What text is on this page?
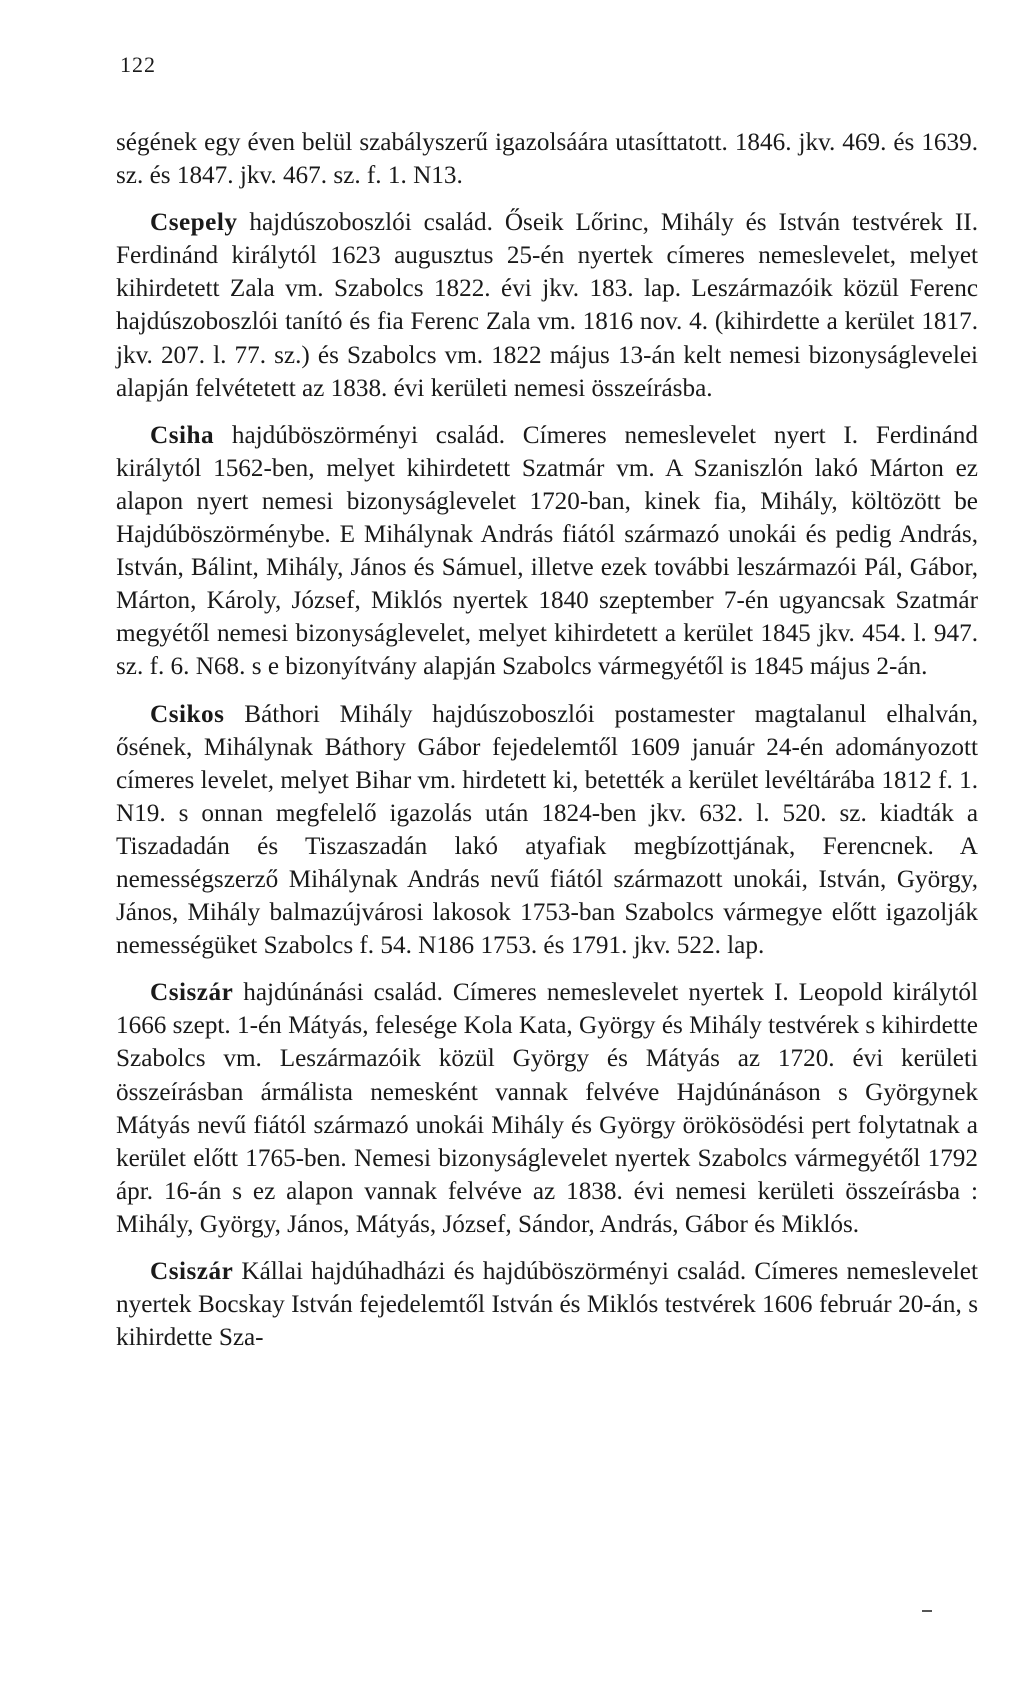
122

ségének egy éven belül szabályszerű igazolsáára utasíttatott. 1846. jkv. 469. és 1639. sz. és 1847. jkv. 467. sz. f. 1. N13.

Csepely hajdúszoboszlói család. Őseik Lőrinc, Mihály és István testvérek II. Ferdinánd királytól 1623 augusztus 25-én nyertek címeres nemeslevelet, melyet kihirdetett Zala vm. Szabolcs 1822. évi jkv. 183. lap. Leszármazóik közül Ferenc hajdúszoboszlói tanító és fia Ferenc Zala vm. 1816 nov. 4. (kihirdette a kerület 1817. jkv. 207. l. 77. sz.) és Szabolcs vm. 1822 május 13-án kelt nemesi bizonyságlevelei alapján felvétetett az 1838. évi kerületi nemesi összeírásba.

Csiha hajdúböszörményi család. Címeres nemeslevelet nyert I. Ferdinánd királytól 1562-ben, melyet kihirdetett Szatmár vm. A Szaniszlón lakó Márton ez alapon nyert nemesi bizonyságlevelet 1720-ban, kinek fia, Mihály, költözött be Hajdúböszörménybe. E Mihálynak András fiától származó unokái és pedig András, István, Bálint, Mihály, János és Sámuel, illetve ezek további leszármazói Pál, Gábor, Márton, Károly, József, Miklós nyertek 1840 szeptember 7-én ugyancsak Szatmár megyétől nemesi bizonyságlevelet, melyet kihirdetett a kerület 1845 jkv. 454. l. 947. sz. f. 6. N68. s e bizonyítvány alapján Szabolcs vármegyétől is 1845 május 2-án.

Csikos Báthori Mihály hajdúszoboszlói postamester magtalanul elhalván, ősének, Mihálynak Báthory Gábor fejedelemtől 1609 január 24-én adományozott címeres levelet, melyet Bihar vm. hirdetett ki, betették a kerület levéltárába 1812 f. 1. N19. s onnan megfelelő igazolás után 1824-ben jkv. 632. l. 520. sz. kiadták a Tiszadadán és Tiszaszadán lakó atyafiak megbízottjának, Ferencnek. A nemességszerző Mihálynak András nevű fiától származott unokái, István, György, János, Mihály balmazújvárosi lakosok 1753-ban Szabolcs vármegye előtt igazolják nemességüket Szabolcs f. 54. N186 1753. és 1791. jkv. 522. lap.

Csiszár hajdúnánási család. Címeres nemeslevelet nyertek I. Leopold királytól 1666 szept. 1-én Mátyás, felesége Kola Kata, György és Mihály testvérek s kihirdette Szabolcs vm. Leszármazóik közül György és Mátyás az 1720. évi kerületi összeírásban ármálista nemesként vannak felvéve Hajdúnánáson s Györgynek Mátyás nevű fiától származó unokái Mihály és György örökösödési pert folytatnak a kerület előtt 1765-ben. Nemesi bizonyságlevelet nyertek Szabolcs vármegyétől 1792 ápr. 16-án s ez alapon vannak felvéve az 1838. évi nemesi kerületi összeírásba : Mihály, György, János, Mátyás, József, Sándor, András, Gábor és Miklós.

Csiszár Kállai hajdúhadházi és hajdúböszörményi család. Címeres nemeslevelet nyertek Bocskay István fejedelemtől István és Miklós testvérek 1606 február 20-án, s kihirdette Sza-
